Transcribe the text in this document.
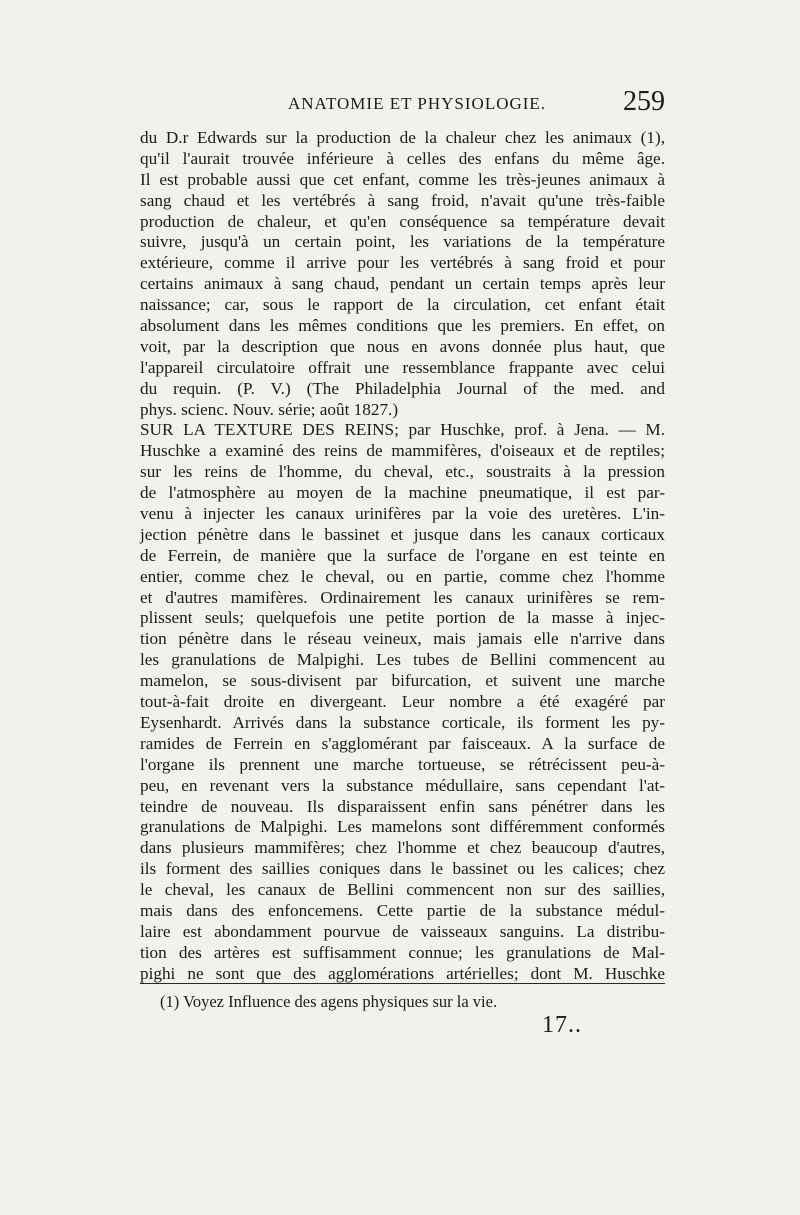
ANATOMIE ET PHYSIOLOGIE.	259
du D.r Edwards sur la production de la chaleur chez les animaux (1),
qu'il l'aurait trouvée inférieure à celles des enfans du même âge.
Il est probable aussi que cet enfant, comme les très-jeunes animaux à
sang chaud et les vertébrés à sang froid, n'avait qu'une très-faible
production de chaleur, et qu'en conséquence sa température devait
suivre, jusqu'à un certain point, les variations de la température
extérieure, comme il arrive pour les vertébrés à sang froid et pour
certains animaux à sang chaud, pendant un certain temps après leur
naissance; car, sous le rapport de la circulation, cet enfant était
absolument dans les mêmes conditions que les premiers. En effet, on
voit, par la description que nous en avons donnée plus haut, que
l'appareil circulatoire offrait une ressemblance frappante avec celui
du requin. (P. V.) (The Philadelphia Journal of the med. and
phys. scienc. Nouv. série; août 1827.)
SUR LA TEXTURE DES REINS; par Huschke, prof. à Jena. — M.
Huschke a examiné des reins de mammifères, d'oiseaux et de reptiles;
sur les reins de l'homme, du cheval, etc., soustraits à la pression
de l'atmosphère au moyen de la machine pneumatique, il est par-
venu à injecter les canaux urinifères par la voie des uretères. L'in-
jection pénètre dans le bassinet et jusque dans les canaux corticaux
de Ferrein, de manière que la surface de l'organe en est teinte en
entier, comme chez le cheval, ou en partie, comme chez l'homme
et d'autres mamifères. Ordinairement les canaux urinifères se rem-
plissent seuls; quelquefois une petite portion de la masse à injec-
tion pénètre dans le réseau veineux, mais jamais elle n'arrive dans
les granulations de Malpighi. Les tubes de Bellini commencent au
mamelon, se sous-divisent par bifurcation, et suivent une marche
tout-à-fait droite en divergeant. Leur nombre a été exagéré par
Eysenhardt. Arrivés dans la substance corticale, ils forment les py-
ramides de Ferrein en s'agglomérant par faisceaux. A la surface de
l'organe ils prennent une marche tortueuse, se rétrécissent peu-à-
peu, en revenant vers la substance médullaire, sans cependant l'at-
teindre de nouveau. Ils disparaissent enfin sans pénétrer dans les
granulations de Malpighi. Les mamelons sont différemment conformés
dans plusieurs mammifères; chez l'homme et chez beaucoup d'autres,
ils forment des saillies coniques dans le bassinet ou les calices; chez
le cheval, les canaux de Bellini commencent non sur des saillies,
mais dans des enfoncemens. Cette partie de la substance médul-
laire est abondamment pourvue de vaisseaux sanguins. La distribu-
tion des artères est suffisamment connue; les granulations de Mal-
pighi ne sont que des agglomérations artérielles; dont M. Huschke
(1) Voyez Influence des agens physiques sur la vie.
17..
